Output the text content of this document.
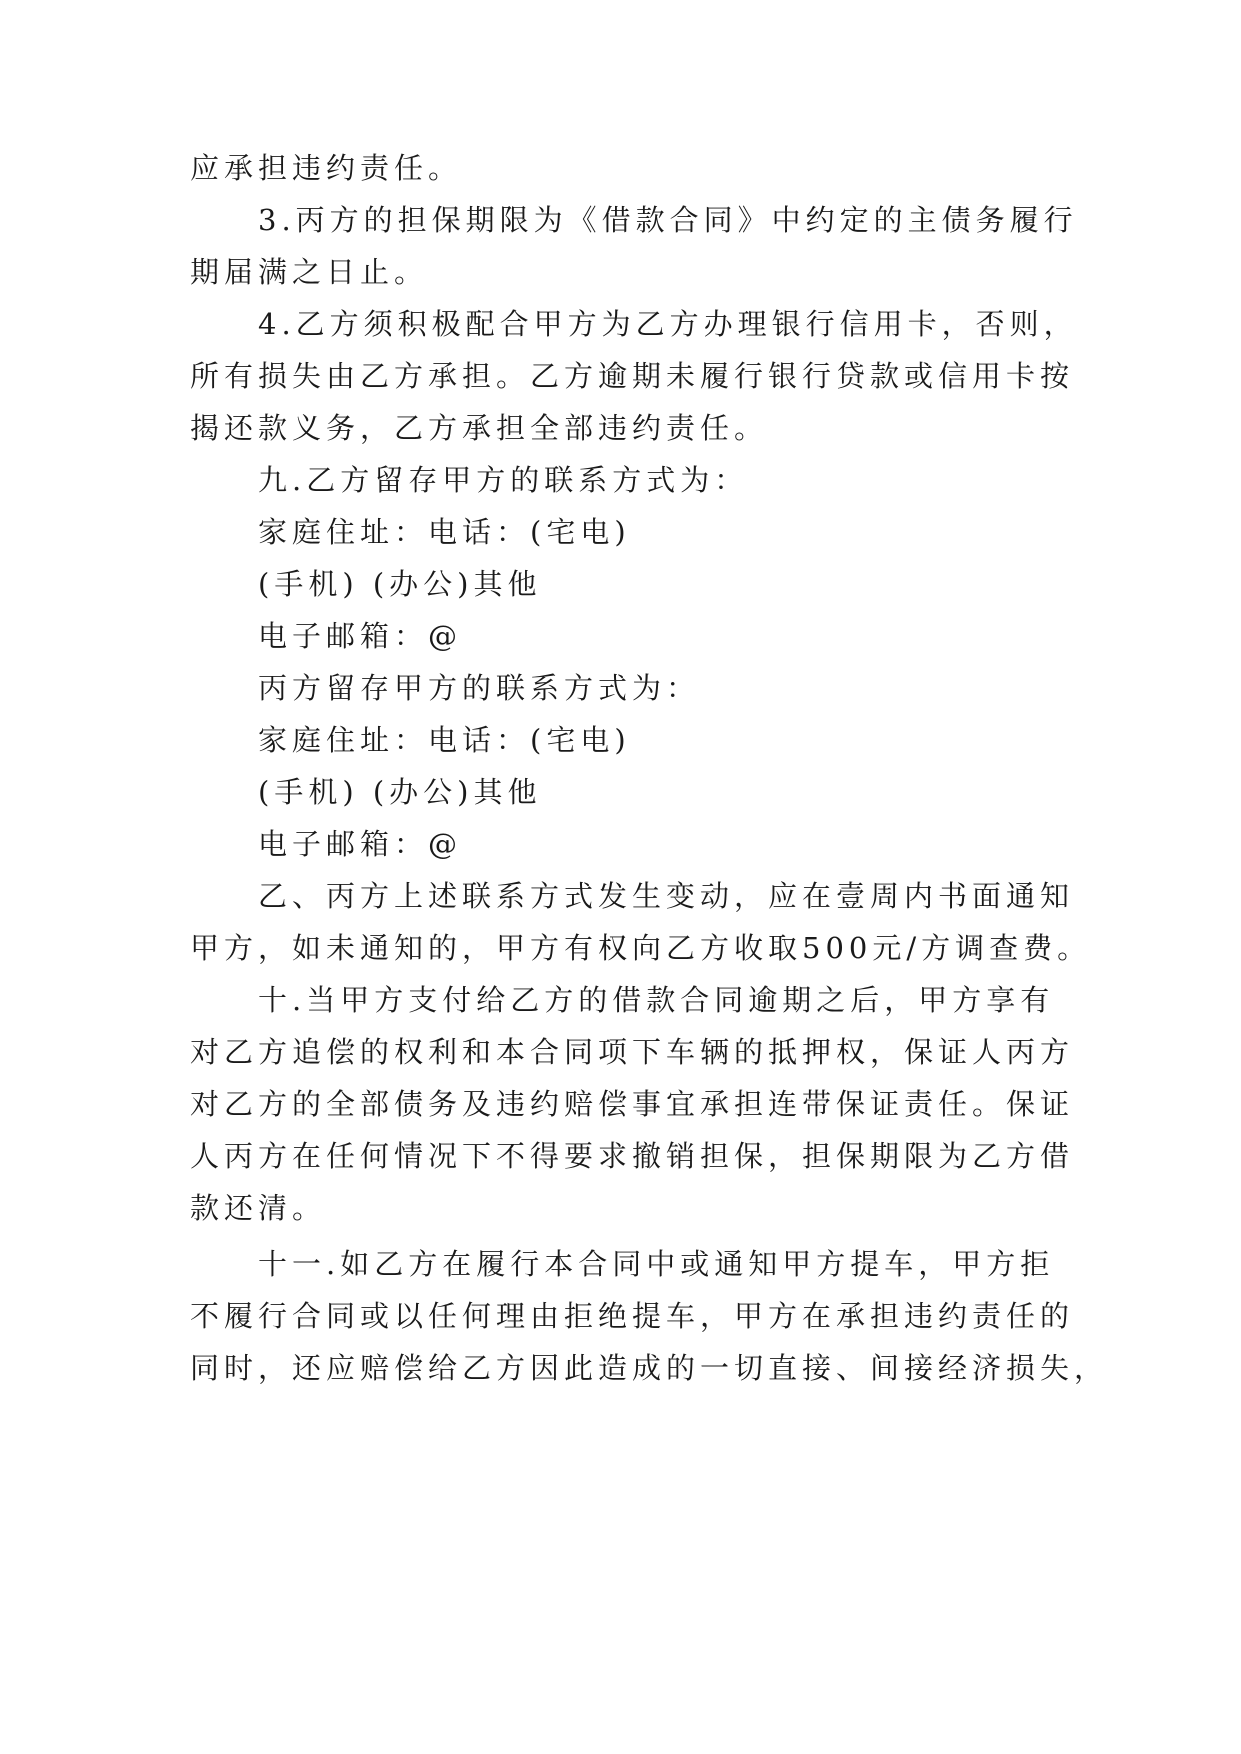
应承担违约责任。
3.丙方的担保期限为《借款合同》中约定的主债务履行
期届满之日止。
4.乙方须积极配合甲方为乙方办理银行信用卡，否则，
所有损失由乙方承担。乙方逾期未履行银行贷款或信用卡按
揭还款义务，乙方承担全部违约责任。
九.乙方留存甲方的联系方式为：
家庭住址：电话：(宅电)
(手机) (办公)其他
电子邮箱：@
丙方留存甲方的联系方式为：
家庭住址：电话：(宅电)
(手机) (办公)其他
电子邮箱：@
乙、丙方上述联系方式发生变动，应在壹周内书面通知
甲方，如未通知的，甲方有权向乙方收取500元/方调查费。
十.当甲方支付给乙方的借款合同逾期之后，甲方享有
对乙方追偿的权利和本合同项下车辆的抵押权，保证人丙方
对乙方的全部债务及违约赔偿事宜承担连带保证责任。保证
人丙方在任何情况下不得要求撤销担保，担保期限为乙方借
款还清。
十一.如乙方在履行本合同中或通知甲方提车，甲方拒
不履行合同或以任何理由拒绝提车，甲方在承担违约责任的
同时，还应赔偿给乙方因此造成的一切直接、间接经济损失，
